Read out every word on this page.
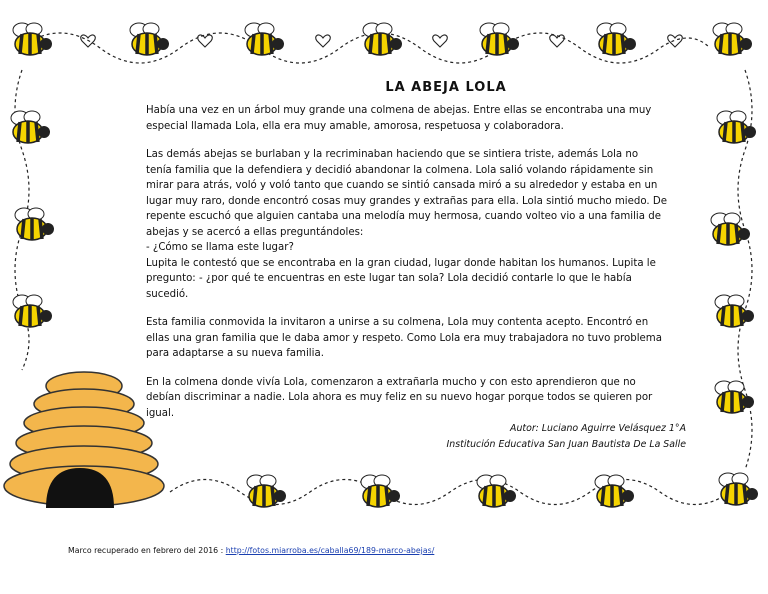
LA ABEJA LOLA

Había una vez en un árbol muy grande una colmena de abejas. Entre ellas se encontraba una muy
especial llamada Lola, ella era muy amable, amorosa, respetuosa y colaboradora.

Las demás abejas se burlaban y la recriminaban haciendo que se sintiera triste, además Lola no
tenía familia que la defendiera y decidió abandonar la colmena. Lola salió volando rápidamente sin
mirar para atrás, voló y voló tanto que cuando se sintió cansada miró a su alrededor y estaba en un
lugar muy raro, donde encontró cosas muy grandes y extrañas para ella. Lola sintió mucho miedo. De
repente escuchó que alguien cantaba una melodía muy hermosa, cuando volteo vio a una familia de
abejas y se acercó a ellas preguntándoles:
- ¿Cómo se llama este lugar?
Lupita le contestó que se encontraba en la gran ciudad, lugar donde habitan los humanos. Lupita le
pregunto: - ¿por qué te encuentras en este lugar tan sola? Lola decidió contarle lo que le había
sucedió.

Esta familia conmovida la invitaron a unirse a su colmena, Lola muy contenta acepto. Encontró en
ellas una gran familia que le daba amor y respeto. Como Lola era muy trabajadora no tuvo problema
para adaptarse a su nueva familia.

En la colmena donde vivía Lola, comenzaron a extrañarla mucho y con esto aprendieron que no
debían discriminar a nadie. Lola ahora es muy feliz en su nuevo hogar porque todos se quieren por
igual.

Autor: Luciano Aguirre Velásquez 1°A
Institución Educativa San Juan Bautista De La Salle
Marco recuperado en febrero del 2016 : http://fotos.miarroba.es/caballa69/189-marco-abejas/
